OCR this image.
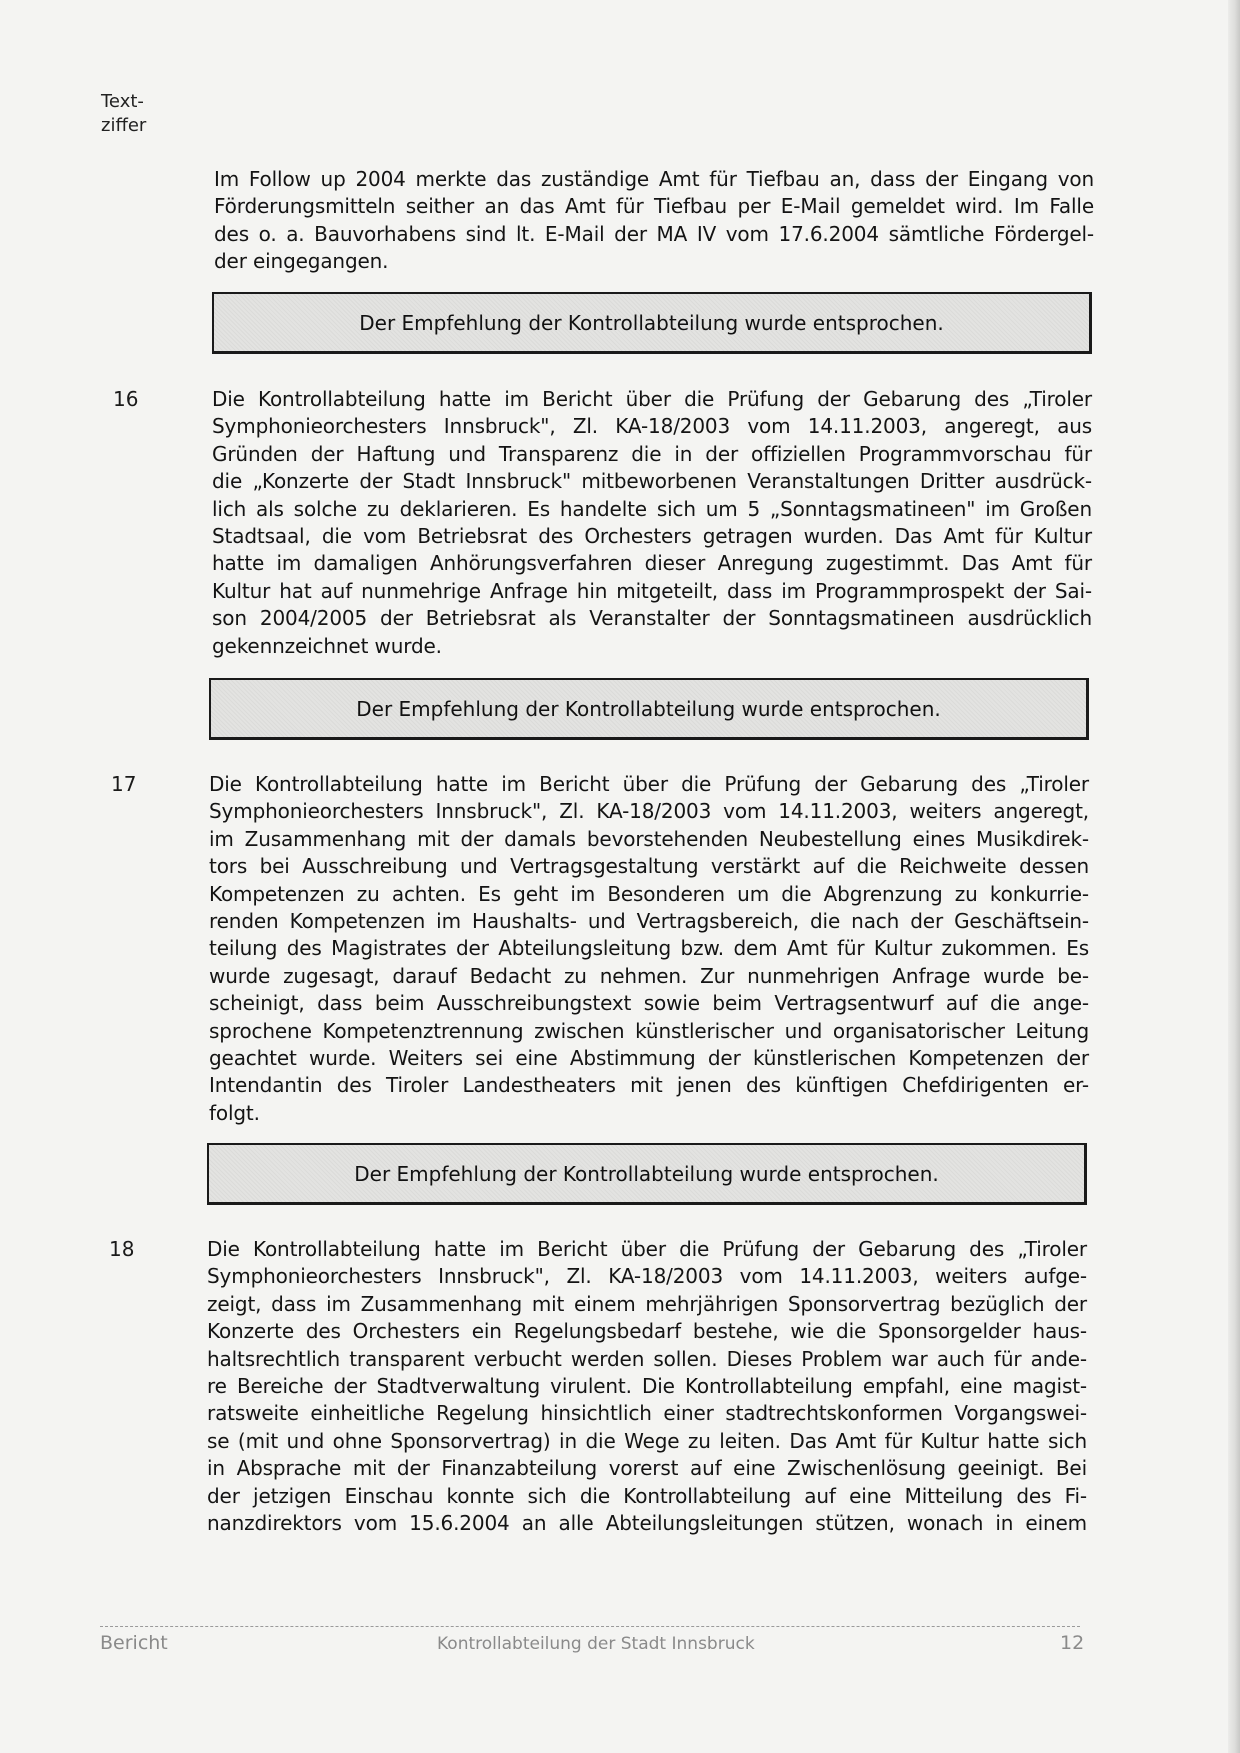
Text-
ziffer
Im Follow up 2004 merkte das zuständige Amt für Tiefbau an, dass der Eingang von
Förderungsmitteln seither an das Amt für Tiefbau per E-Mail gemeldet wird. Im Falle
des o. a. Bauvorhabens sind lt. E-Mail der MA IV vom 17.6.2004 sämtliche Fördergel-
der eingegangen.
Der Empfehlung der Kontrollabteilung wurde entsprochen.
16	Die Kontrollabteilung hatte im Bericht über die Prüfung der Gebarung des „Tiroler
Symphonieorchesters Innsbruck", Zl. KA-18/2003 vom 14.11.2003, angeregt, aus
Gründen der Haftung und Transparenz die in der offiziellen Programmvorschau für
die „Konzerte der Stadt Innsbruck" mitbeworbenen Veranstaltungen Dritter ausdrück-
lich als solche zu deklarieren. Es handelte sich um 5 „Sonntagsmatineen" im Großen
Stadtsaal, die vom Betriebsrat des Orchesters getragen wurden. Das Amt für Kultur
hatte im damaligen Anhörungsverfahren dieser Anregung zugestimmt. Das Amt für
Kultur hat auf nunmehrige Anfrage hin mitgeteilt, dass im Programmprospekt der Sai-
son 2004/2005 der Betriebsrat als Veranstalter der Sonntagsmatineen ausdrücklich
gekennzeichnet wurde.
Der Empfehlung der Kontrollabteilung wurde entsprochen.
17	Die Kontrollabteilung hatte im Bericht über die Prüfung der Gebarung des „Tiroler
Symphonieorchesters Innsbruck", Zl. KA-18/2003 vom 14.11.2003, weiters angeregt,
im Zusammenhang mit der damals bevorstehenden Neubestellung eines Musikdirek-
tors bei Ausschreibung und Vertragsgestaltung verstärkt auf die Reichweite dessen
Kompetenzen zu achten. Es geht im Besonderen um die Abgrenzung zu konkurrie-
renden Kompetenzen im Haushalts- und Vertragsbereich, die nach der Geschäftsein-
teilung des Magistrates der Abteilungsleitung bzw. dem Amt für Kultur zukommen. Es
wurde zugesagt, darauf Bedacht zu nehmen. Zur nunmehrigen Anfrage wurde be-
scheinigt, dass beim Ausschreibungstext sowie beim Vertragsentwurf auf die ange-
sprochene Kompetenztrennung zwischen künstlerischer und organisatorischer Leitung
geachtet wurde. Weiters sei eine Abstimmung der künstlerischen Kompetenzen der
Intendantin des Tiroler Landestheaters mit jenen des künftigen Chefdirigenten er-
folgt.
Der Empfehlung der Kontrollabteilung wurde entsprochen.
18	Die Kontrollabteilung hatte im Bericht über die Prüfung der Gebarung des „Tiroler
Symphonieorchesters Innsbruck", Zl. KA-18/2003 vom 14.11.2003, weiters aufge-
zeigt, dass im Zusammenhang mit einem mehrjährigen Sponsorvertrag bezüglich der
Konzerte des Orchesters ein Regelungsbedarf bestehe, wie die Sponsorgelder haus-
haltsrechtlich transparent verbucht werden sollen. Dieses Problem war auch für ande-
re Bereiche der Stadtverwaltung virulent. Die Kontrollabteilung empfahl, eine magist-
ratsweite einheitliche Regelung hinsichtlich einer stadtrechtskonformen Vorgangswei-
se (mit und ohne Sponsorvertrag) in die Wege zu leiten. Das Amt für Kultur hatte sich
in Absprache mit der Finanzabteilung vorerst auf eine Zwischenlösung geeinigt. Bei
der jetzigen Einschau konnte sich die Kontrollabteilung auf eine Mitteilung des Fi-
nanzdirektors vom 15.6.2004 an alle Abteilungsleitungen stützen, wonach in einem
Bericht	Kontrollabteilung der Stadt Innsbruck	12
